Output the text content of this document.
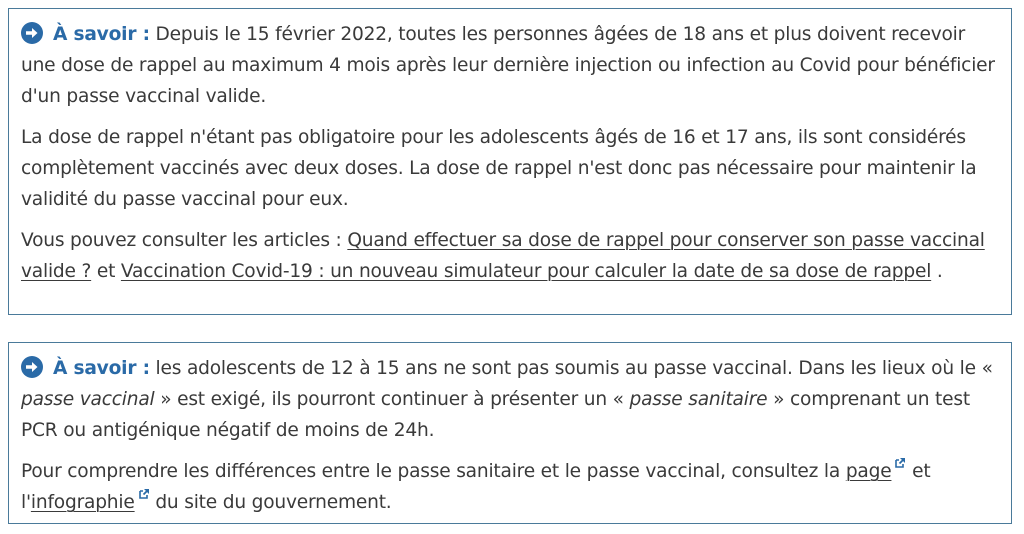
À savoir : Depuis le 15 février 2022, toutes les personnes âgées de 18 ans et plus doivent recevoir une dose de rappel au maximum 4 mois après leur dernière injection ou infection au Covid pour bénéficier d'un passe vaccinal valide.

La dose de rappel n'étant pas obligatoire pour les adolescents âgés de 16 et 17 ans, ils sont considérés complètement vaccinés avec deux doses. La dose de rappel n'est donc pas nécessaire pour maintenir la validité du passe vaccinal pour eux.

Vous pouvez consulter les articles : Quand effectuer sa dose de rappel pour conserver son passe vaccinal valide ? et Vaccination Covid-19 : un nouveau simulateur pour calculer la date de sa dose de rappel .

À savoir : les adolescents de 12 à 15 ans ne sont pas soumis au passe vaccinal. Dans les lieux où le « passe vaccinal » est exigé, ils pourront continuer à présenter un « passe sanitaire » comprenant un test PCR ou antigénique négatif de moins de 24h.

Pour comprendre les différences entre le passe sanitaire et le passe vaccinal, consultez la page et l'infographie du site du gouvernement.
